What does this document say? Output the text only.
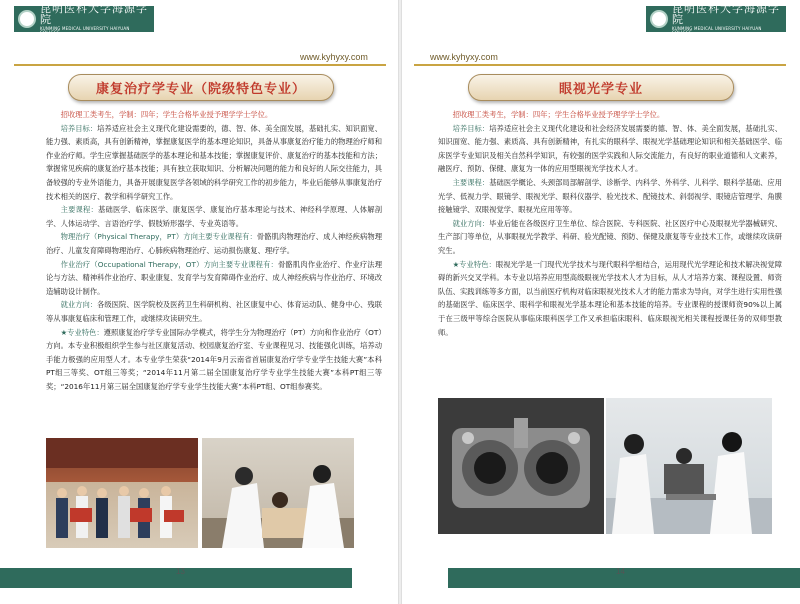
昆明医科大学海源学院
KUNMING MEDICAL UNIVERSITY HAIYUAN COLLEGE
www.kyhyxy.com
康复治疗学专业（院级特色专业）

招收理工类考生，学制：四年；学生合格毕业授予理学学士学位。

培养目标：培养适应社会主义现代化建设需要的，德、智、体、美全面发展，基础扎实、知识面宽、能力强、素质高，具有创新精神，掌握康复医学的基本理论知识，具备从事康复治疗能力的物理治疗师和作业治疗师。学生应掌握基础医学的基本理论和基本技能；掌握康复评价、康复治疗的基本技能和方法；掌握常见疾病的康复治疗基本技能；具有独立获取知识、分析解决问题的能力和良好的人际交往能力，具备较强的专业外语能力，具备开展康复医学各领域的科学研究工作的初步能力，毕业后能够从事康复治疗技术相关的医疗、教学和科学研究工作。

主要课程：基础医学、临床医学、康复医学、康复治疗基本理论与技术、神经科学原理、人体解剖学、人体运动学、言语治疗学、假肢矫形器学、专业英语等。

物理治疗（Physical Therapy，PT）方向主要专业课程有：骨骼肌肉物理治疗、成人神经疾病物理治疗、儿童发育障碍物理治疗、心肺疾病物理治疗、运动损伤康复、理疗学。

作业治疗（Occupational Therapy，OT）方向主要专业课程有：骨骼肌肉作业治疗、作业疗法理论与方法、精神科作业治疗、职业康复、发育学与发育障碍作业治疗、成人神经疾病与作业治疗、环境改造辅助设计制作。

就业方向：各级医院、医学院校及医药卫生科研机构、社区康复中心、体育运动队、健身中心、残联等从事康复临床和管理工作，或继续攻读研究生。

★专业特色：遵照康复治疗学专业国际办学模式，将学生分为物理治疗（PT）方向和作业治疗（OT）方向。本专业积极组织学生参与社区康复活动、校园康复治疗室、专业课程见习、技能强化训练，培养动手能力极强的应用型人才。本专业学生荣获“2014年9月云南省首届康复治疗学专业学生技能大赛”本科PT组三等奖、OT组三等奖；“2014年11月第二届全国康复治疗学专业学生技能大赛”本科PT组三等奖；“2016年11月第三届全国康复治疗学专业学生技能大赛”本科PT组、OT组参赛奖。

13
www.kyhyxy.com
昆明医科大学海源学院
KUNMING MEDICAL UNIVERSITY HAIYUAN COLLEGE
眼视光学专业

招收理工类考生，学制：四年；学生合格毕业授予理学学士学位。

培养目标：培养适应社会主义现代化建设和社会经济发展需要的德、智、体、美全面发展，基础扎实、知识面宽、能力强、素质高、具有创新精神，有扎实的眼科学、眼视光学基础理论知识和相关基础医学、临床医学专业知识及相关自然科学知识，有较强的医学实践和人际交流能力，有良好的职业道德和人文素养，融医疗、预防、保健、康复为一体的应用型眼视光学技术人才。

主要课程：基础医学概论、头颈部局部解剖学、诊断学、内科学、外科学、儿科学、眼科学基础、应用光学、低视力学、眼镜学、眼视光学、眼科仪器学、验光技术、配镜技术、斜弱视学、眼镜店管理学、角膜接触镜学、双眼视觉学、眼视光应用等等。

就业方向：毕业后能在各级医疗卫生单位、综合医院、专科医院、社区医疗中心及眼视光学器械研究、生产部门等单位，从事眼视光学教学、科研、验光配镜、预防、保健及康复等专业技术工作，或继续攻读研究生。

★专业特色：眼视光学是一门现代光学技术与现代眼科学相结合，运用现代光学理论和技术解决视觉障碍的新兴交叉学科。本专业以培养应用型高级眼视光学技术人才为目标，从人才培养方案、课程设置、师资队伍、实践训练等多方面，以当前医疗机构对临床眼视光技术人才的能力需求为导向，对学生进行实用性强的基础医学、临床医学、眼科学和眼视光学基本理论和基本技能的培养。专业课程的授课师资90%以上属于在三级甲等综合医院从事临床眼科医学工作又承担临床眼科、临床眼视光相关课程授课任务的双师型教师。

14
